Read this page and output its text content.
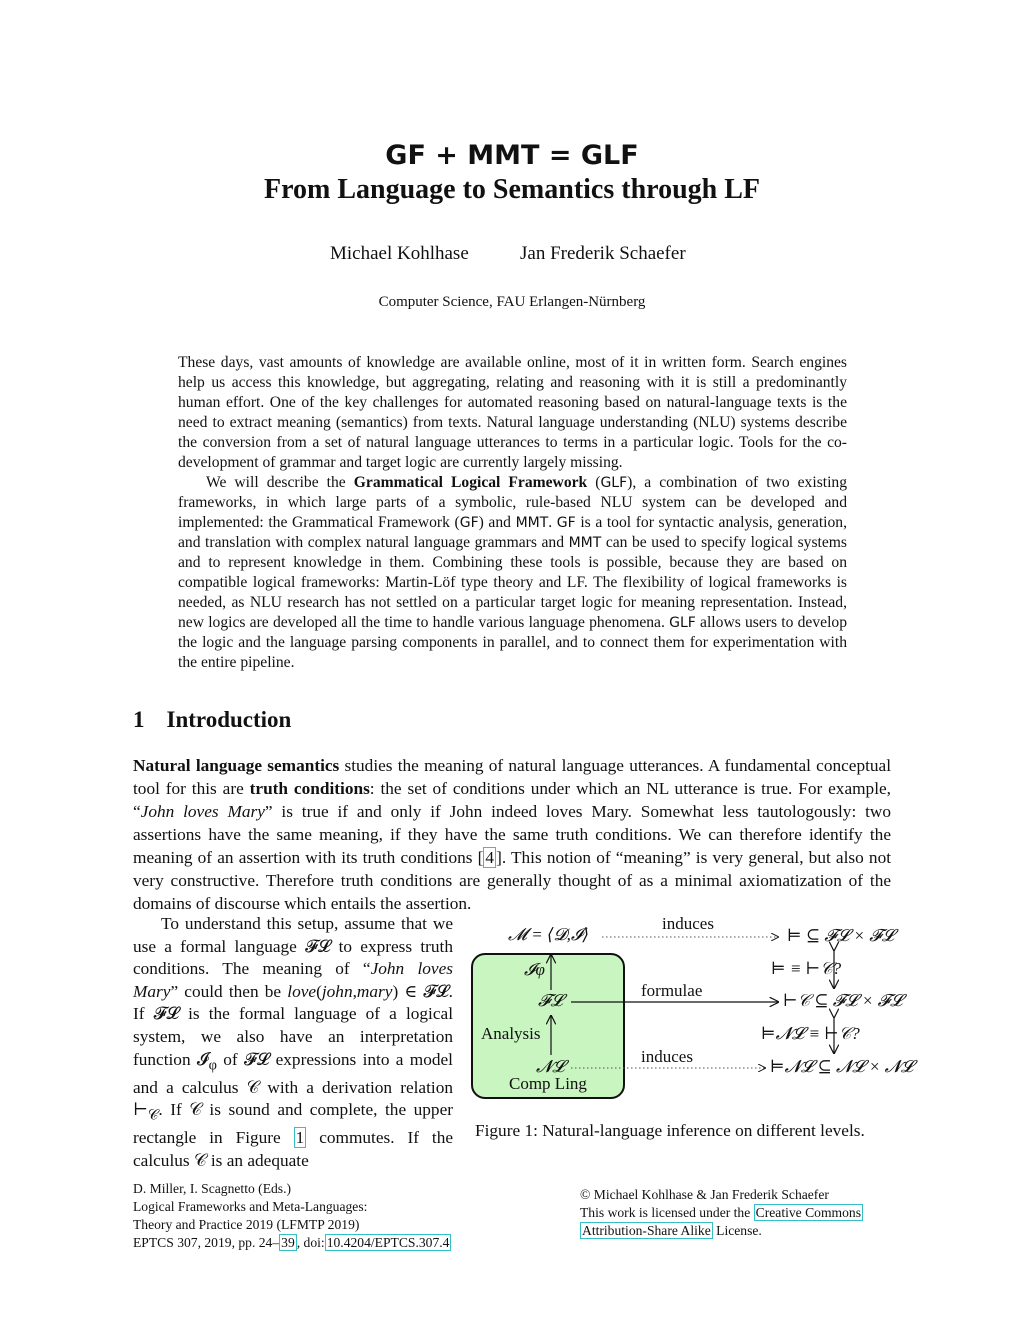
GF + MMT = GLF
From Language to Semantics through LF
Michael Kohlhase	Jan Frederik Schaefer
Computer Science, FAU Erlangen-Nürnberg

These days, vast amounts of knowledge are available online, most of it in written form. Search engines help us access this knowledge, but aggregating, relating and reasoning with it is still a predominantly human effort. One of the key challenges for automated reasoning based on natural-language texts is the need to extract meaning (semantics) from texts. Natural language understanding (NLU) systems describe the conversion from a set of natural language utterances to terms in a particular logic. Tools for the co-development of grammar and target logic are currently largely missing.

We will describe the Grammatical Logical Framework (GLF), a combination of two existing frameworks, in which large parts of a symbolic, rule-based NLU system can be developed and implemented: the Grammatical Framework (GF) and MMT. GF is a tool for syntactic analysis, generation, and translation with complex natural language grammars and MMT can be used to specify logical systems and to represent knowledge in them. Combining these tools is possible, because they are based on compatible logical frameworks: Martin-Löf type theory and LF. The flexibility of logical frameworks is needed, as NLU research has not settled on a particular target logic for meaning representation. Instead, new logics are developed all the time to handle various language phenomena. GLF allows users to develop the logic and the language parsing components in parallel, and to connect them for experimentation with the entire pipeline.

1 Introduction

Natural language semantics studies the meaning of natural language utterances. A fundamental conceptual tool for this are truth conditions: the set of conditions under which an NL utterance is true. For example, “John loves Mary” is true if and only if John indeed loves Mary. Somewhat less tautologously: two assertions have the same meaning, if they have the same truth conditions. We can therefore identify the meaning of an assertion with its truth conditions [ 4 ]. This notion of “meaning” is very general, but also not very constructive. Therefore truth conditions are generally thought of as a minimal axiomatization of the domains of discourse which entails the assertion.

To understand this setup, assume that we use a formal language 𝓕𝓛 to express truth conditions. The meaning of “John loves Mary” could then be love(john,mary) ∈ 𝓕𝓛. If 𝓕𝓛 is the formal language of a logical system, we also have an interpretation function 𝓘$_\varphi$ of 𝓕𝓛 expressions into a model and a calculus 𝒞 with a derivation relation $⊢_𝒞$. If 𝒞 is sound and complete, the upper rectangle in Figure 1 commutes. If the calculus 𝒞 is an adequate

𝓜 = ⟨𝓓,𝓘⟩
induces
𝓘φ
𝓕𝓛
formulae
Analysis
𝓝𝓛
Comp Ling
induces
⊨ ⊆ 𝓕𝓛 × 𝓕𝓛
⊨ ≡ ⊢𝒞?
⊢𝒞 ⊆ 𝓕𝓛 × 𝓕𝓛
⊨𝓝𝓛 ≡ ⊢𝒞?
⊨𝓝𝓛 ⊆ 𝓝𝓛 × 𝓝𝓛
Figure 1: Natural-language inference on different levels.
D. Miller, I. Scagnetto (Eds.)
Logical Frameworks and Meta-Languages:
Theory and Practice 2019 (LFMTP 2019)
EPTCS 307, 2019, pp. 24– 39 , doi: 10.4204/EPTCS.307.4
© Michael Kohlhase & Jan Frederik Schaefer
This work is licensed under the Creative Commons
Attribution-Share Alike License.
